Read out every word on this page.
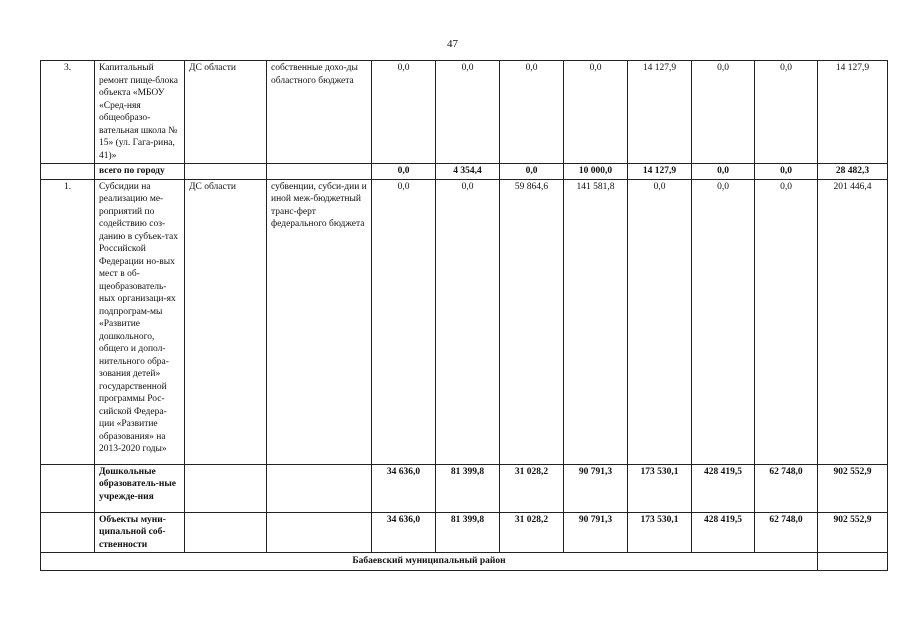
47
3.	Капитальный ремонт пище-блока объекта «МБОУ «Сред-няя общеобразо-вательная школа № 15» (ул. Гага-рина, 41)»	ДС области	собственные дохо-ды областного бюджета	0,0	0,0	0,0	0,0	14 127,9	0,0	0,0	14 127,9
	всего по городу			0,0	4 354,4	0,0	10 000,0	14 127,9	0,0	0,0	28 482,3
1.	Субсидии на реализацию ме-роприятий по содействию соз-данию в субъек-тах Российской Федерации но-вых мест в об-щеобразователь-ных организаци-ях подпрограм-мы «Развитие дошкольного, общего и допол-нительного обра-зования детей» государственной программы Рос-сийской Федера-ции «Развитие образования» на 2013-2020 годы»	ДС области	субвенции, субси-дии и иной меж-бюджетный транс-ферт федерального бюджета	0,0	0,0	59 864,6	141 581,8	0,0	0,0	0,0	201 446,4
	Дошкольные образователь-ные учрежде-ния			34 636,0	81 399,8	31 028,2	90 791,3	173 530,1	428 419,5	62 748,0	902 552,9
	Объекты муни-ципальной соб-ственности			34 636,0	81 399,8	31 028,2	90 791,3	173 530,1	428 419,5	62 748,0	902 552,9
Бабаевский муниципальный район											
